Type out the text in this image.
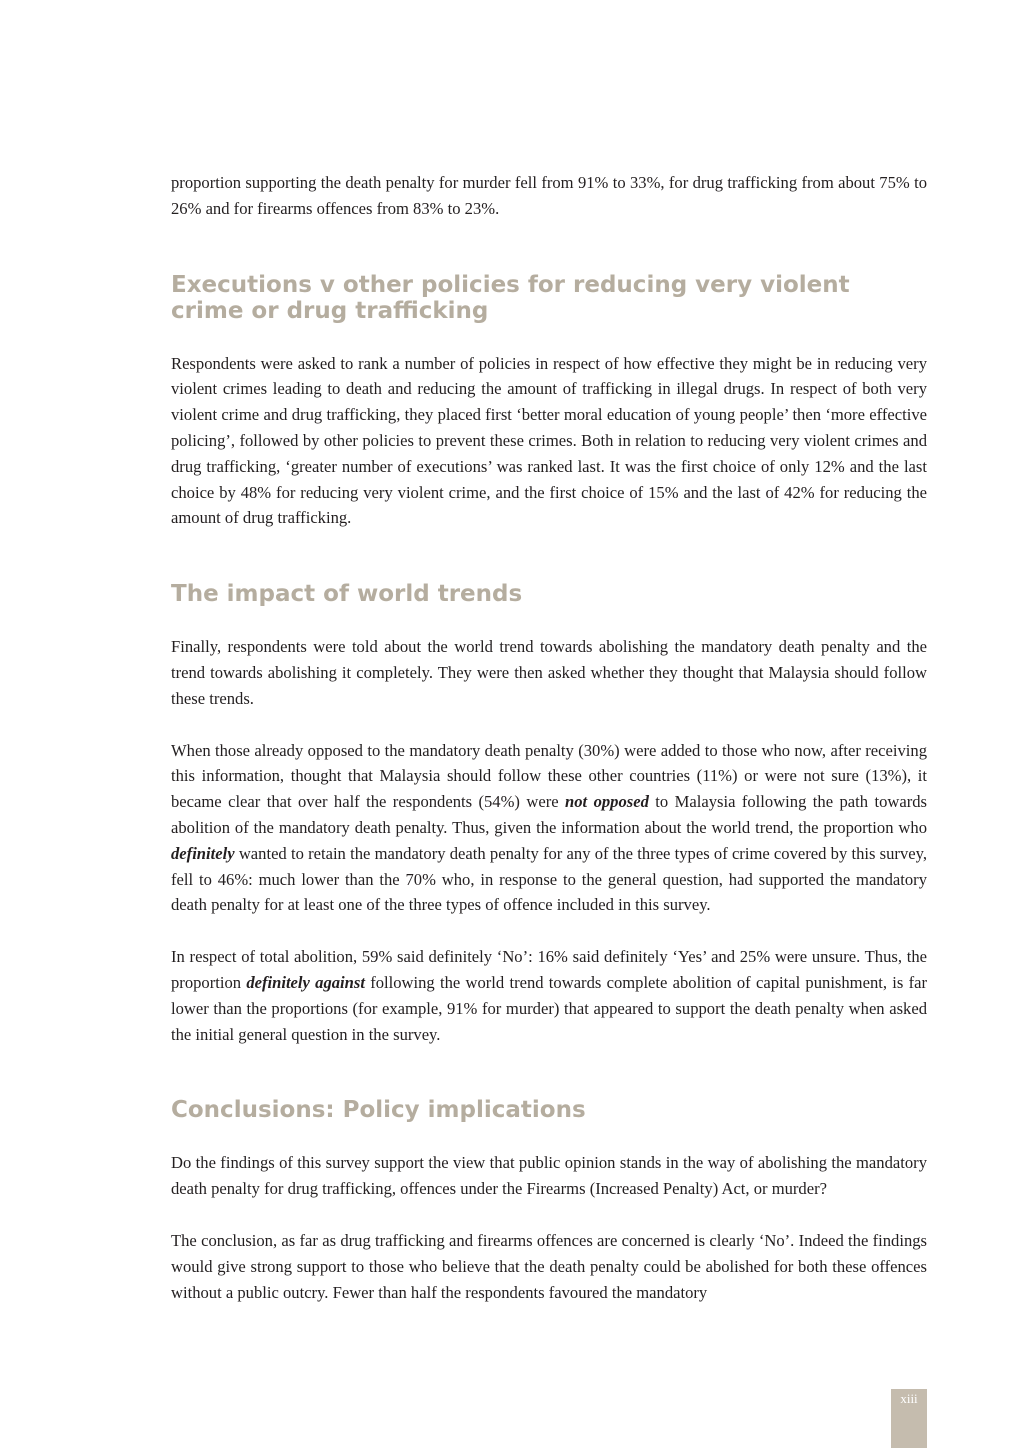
proportion supporting the death penalty for murder fell from 91% to 33%, for drug trafficking from about 75% to 26% and for firearms offences from 83% to 23%.

Executions v other policies for reducing very violent crime or drug trafficking

Respondents were asked to rank a number of policies in respect of how effective they might be in reducing very violent crimes leading to death and reducing the amount of trafficking in illegal drugs. In respect of both very violent crime and drug trafficking, they placed first ‘better moral education of young people’ then ‘more effective policing’, followed by other policies to prevent these crimes. Both in relation to reducing very violent crimes and drug trafficking, ‘greater number of executions’ was ranked last. It was the first choice of only 12% and the last choice by 48% for reducing very violent crime, and the first choice of 15% and the last of 42% for reducing the amount of drug trafficking.

The impact of world trends

Finally, respondents were told about the world trend towards abolishing the mandatory death penalty and the trend towards abolishing it completely. They were then asked whether they thought that Malaysia should follow these trends.

When those already opposed to the mandatory death penalty (30%) were added to those who now, after receiving this information, thought that Malaysia should follow these other countries (11%) or were not sure (13%), it became clear that over half the respondents (54%) were not opposed to Malaysia following the path towards abolition of the mandatory death penalty. Thus, given the information about the world trend, the proportion who definitely wanted to retain the mandatory death penalty for any of the three types of crime covered by this survey, fell to 46%: much lower than the 70% who, in response to the general question, had supported the mandatory death penalty for at least one of the three types of offence included in this survey.

In respect of total abolition, 59% said definitely ‘No’: 16% said definitely ‘Yes’ and 25% were unsure. Thus, the proportion definitely against following the world trend towards complete abolition of capital punishment, is far lower than the proportions (for example, 91% for murder) that appeared to support the death penalty when asked the initial general question in the survey.

Conclusions: Policy implications

Do the findings of this survey support the view that public opinion stands in the way of abolishing the mandatory death penalty for drug trafficking, offences under the Firearms (Increased Penalty) Act, or murder?

The conclusion, as far as drug trafficking and firearms offences are concerned is clearly ‘No’. Indeed the findings would give strong support to those who believe that the death penalty could be abolished for both these offences without a public outcry. Fewer than half the respondents favoured the mandatory

xiii
